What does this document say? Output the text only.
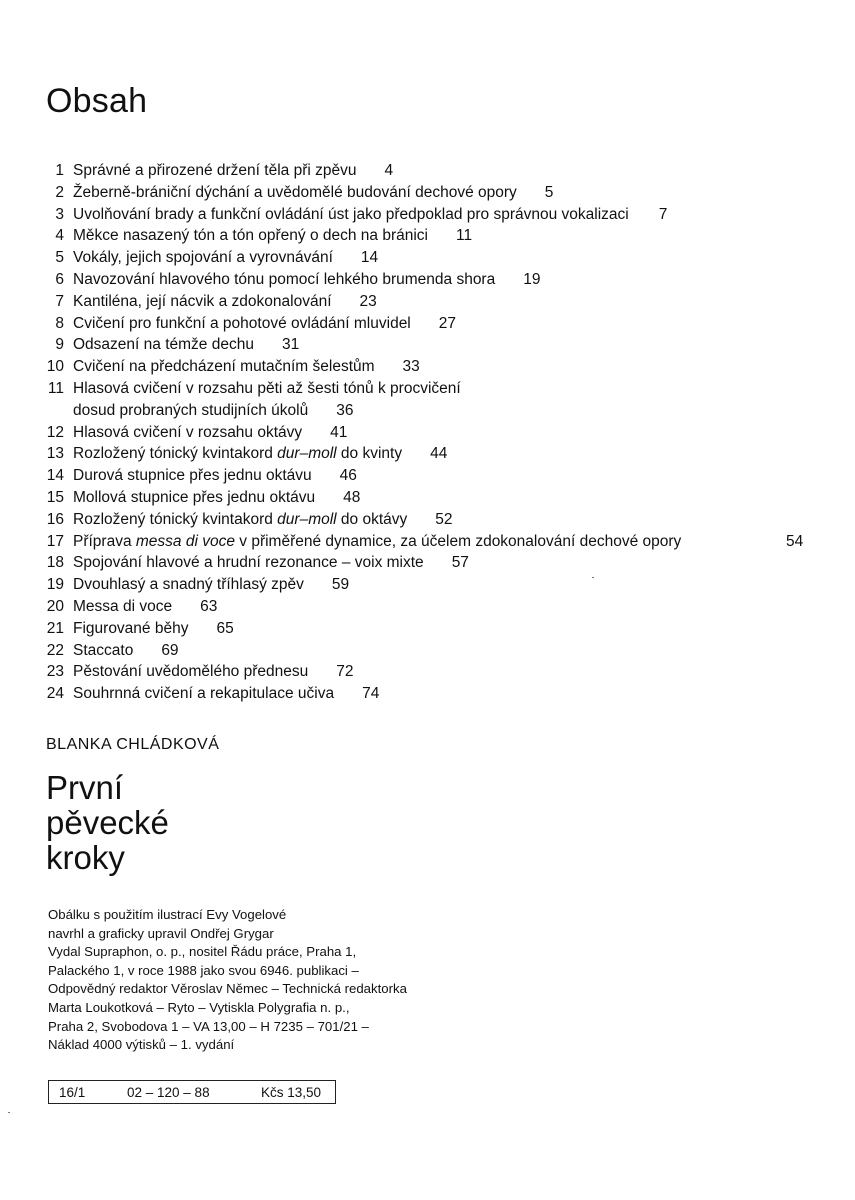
Obsah
1 Správné a přirozené držení těla při zpěvu 4
2 Žeberně-brániční dýchání a uvědomělé budování dechové opory 5
3 Uvolňování brady a funkční ovládání úst jako předpoklad pro správnou vokalizaci 7
4 Měkce nasazený tón a tón opřený o dech na bránici 11
5 Vokály, jejich spojování a vyrovnávání 14
6 Navozování hlavového tónu pomocí lehkého brumenda shora 19
7 Kantiléna, její nácvik a zdokonalování 23
8 Cvičení pro funkční a pohotové ovládání mluvidel 27
9 Odsazení na témže dechu 31
10 Cvičení na předcházení mutačním šelestům 33
11 Hlasová cvičení v rozsahu pěti až šesti tónů k procvičení
dosud probraných studijních úkolů 36
12 Hlasová cvičení v rozsahu oktávy 41
13 Rozložený tónický kvintakord dur–moll do kvinty 44
14 Durová stupnice přes jednu oktávu 46
15 Mollová stupnice přes jednu oktávu 48
16 Rozložený tónický kvintakord dur–moll do oktávy 52
17 Příprava messa di voce v přiměřené dynamice, za účelem zdokonalování dechové opory	54
18 Spojování hlavové a hrudní rezonance – voix mixte 57
19 Dvouhlasý a snadný tříhlasý zpěv 59
20 Messa di voce 63
21 Figurované běhy 65
22 Staccato 69
23 Pěstování uvědomělého přednesu 72
24 Souhrnná cvičení a rekapitulace učiva 74
BLANKA CHLÁDKOVÁ
První
pěvecké
kroky

Obálku s použitím ilustrací Evy Vogelové
navrhl a graficky upravil Ondřej Grygar
Vydal Supraphon, o. p., nositel Řádu práce, Praha 1,
Palackého 1, v roce 1988 jako svou 6946. publikaci –
Odpovědný redaktor Věroslav Němec – Technická redaktorka
Marta Loukotková – Ryto – Vytiskla Polygrafia n. p.,
Praha 2, Svobodova 1 – VA 13,00 – H 7235 – 701/21 –
Náklad 4000 výtisků – 1. vydání

16/1	02 – 120 – 88	Kčs 13,50
